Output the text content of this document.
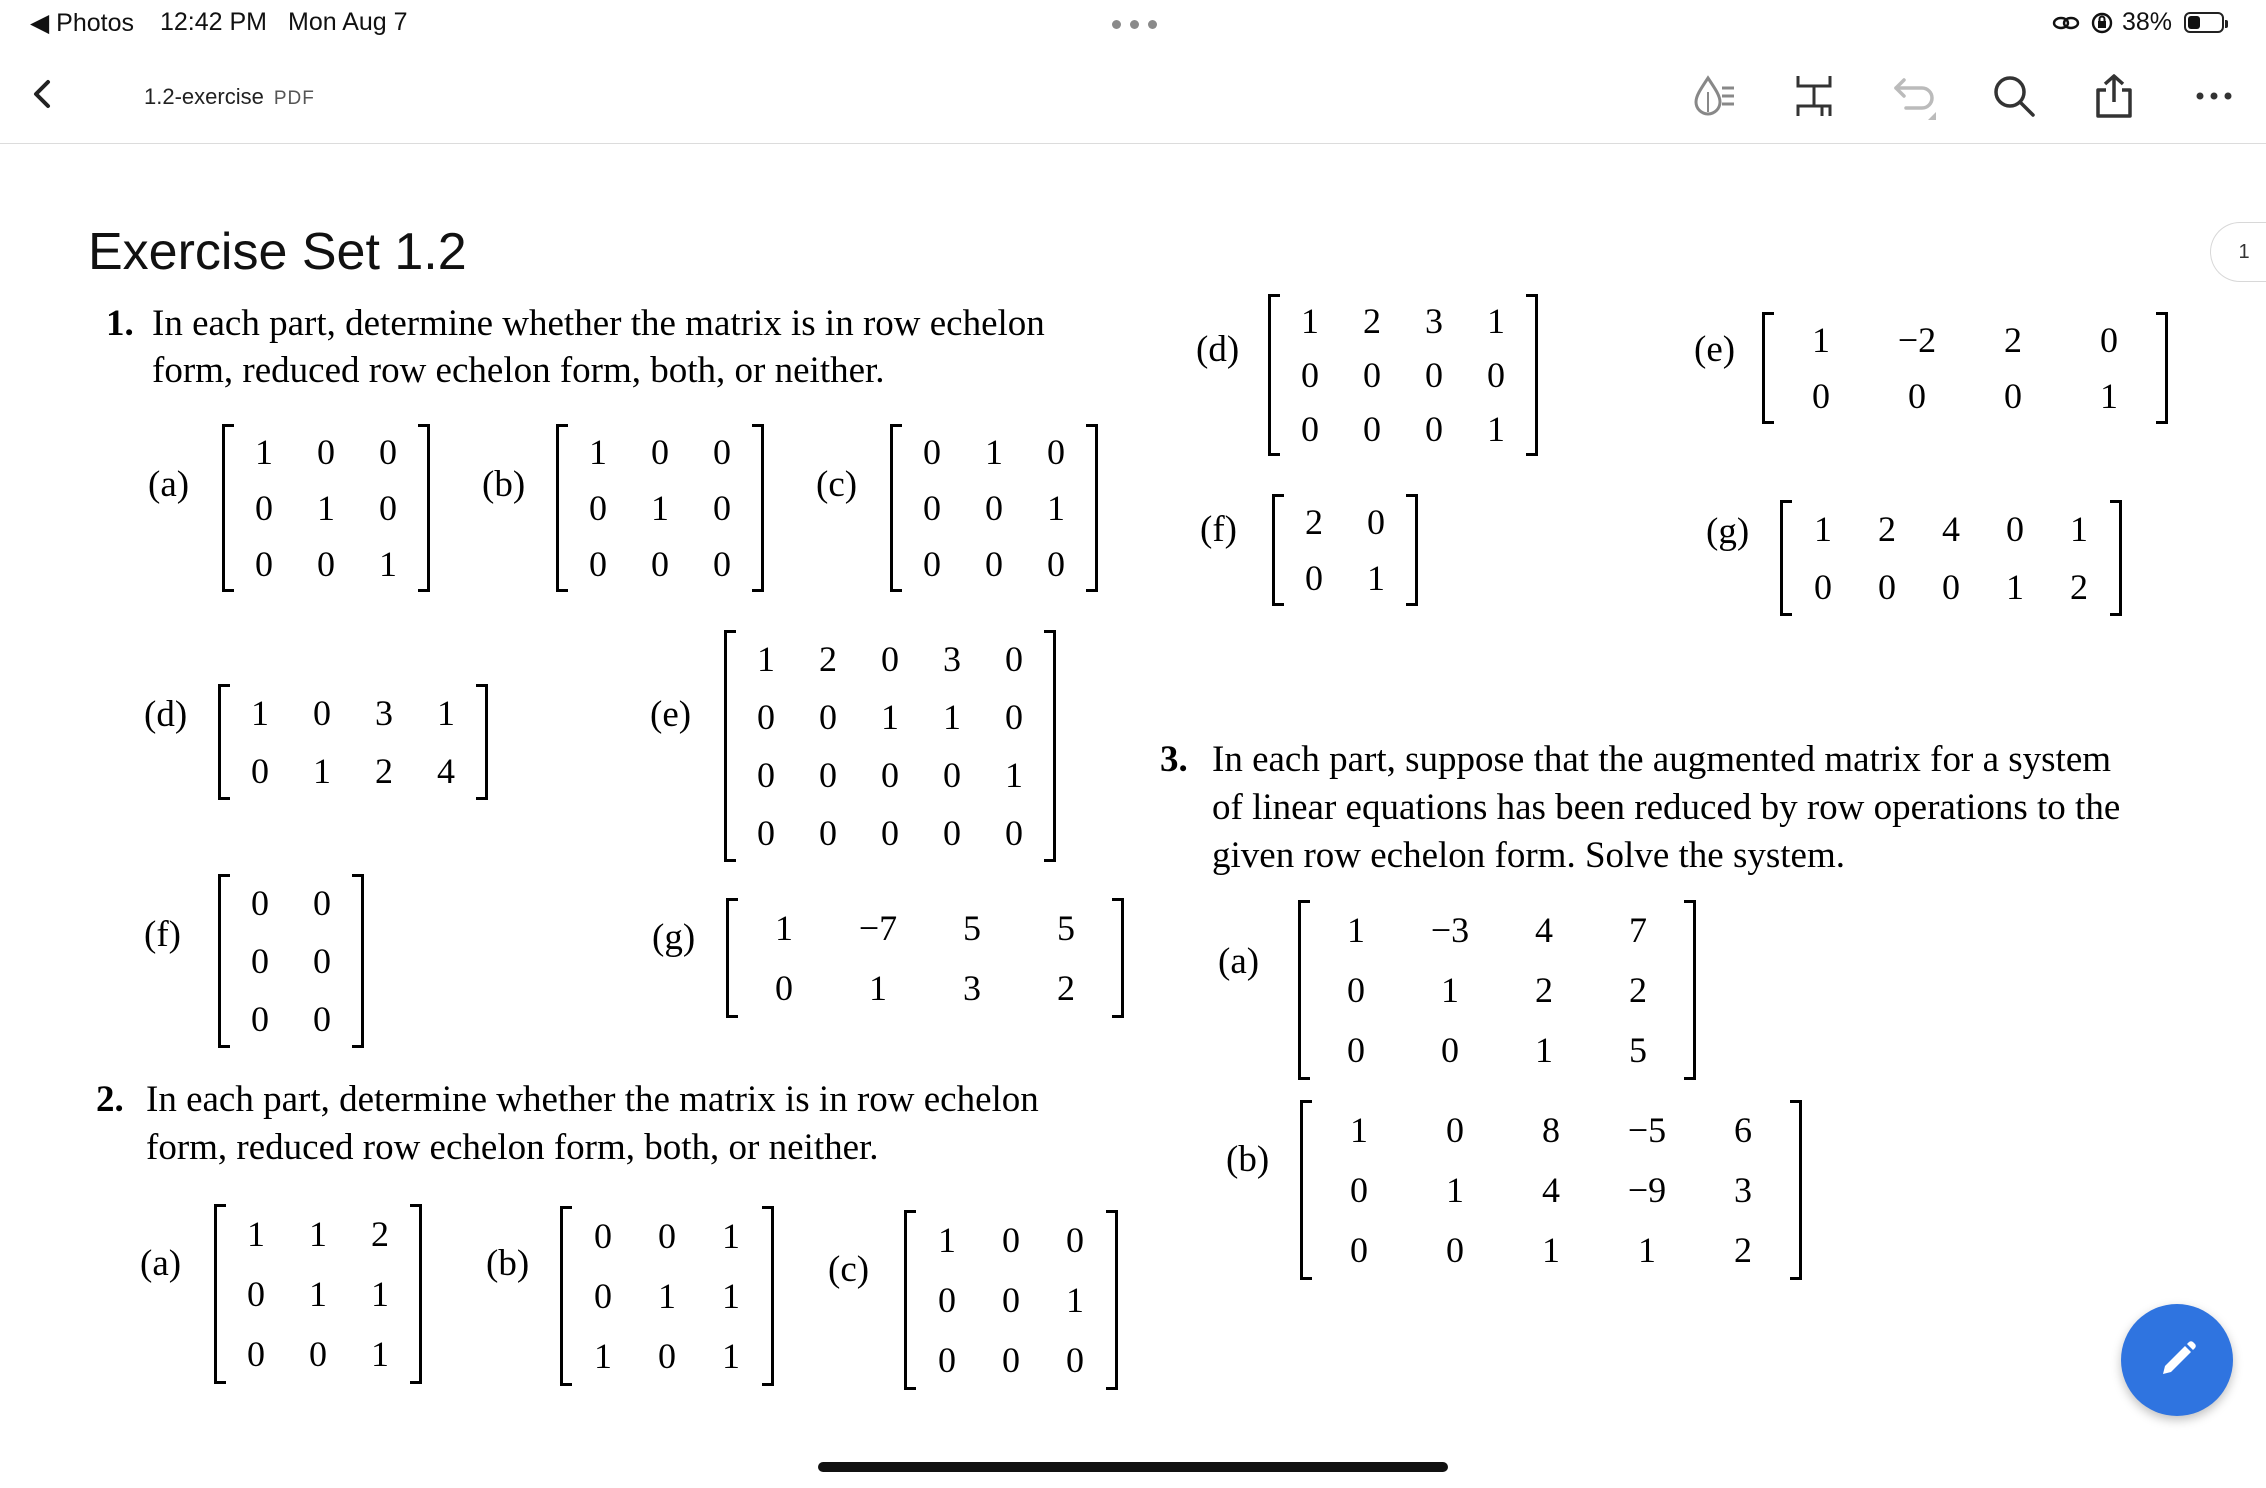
◀ Photos 12:42 PM Mon Aug 7	38%
1.2-exercise PDF
1
Exercise Set 1.2
1. In each part, determine whether the matrix is in row echelon
form, reduced row echelon form, both, or neither.
2. In each part, determine whether the matrix is in row echelon
form, reduced row echelon form, both, or neither.
3. In each part, suppose that the augmented matrix for a system
of linear equations has been reduced by row operations to the
given row echelon form. Solve the system.
(a)
1	0	0
0	1	0
0	0	1
(b)
1	0	0
0	1	0
0	0	0
(c)
0	1	0
0	0	1
0	0	0
(d)	1	0	3	1
0	1	2	4
(e)
1	2	0	3	0
0	0	1	1	0
0	0	0	0	1
0	0	0	0	0
(f)
0	0
0	0
0	0
(g)	1	−7	5	5
0	1	3	2
(a)
1	1	2
0	1	1
0	0	1
(b)
0	0	1
0	1	1
1	0	1
(c)
1	0	0
0	0	1
0	0	0
(d)
1	2	3	1
0	0	0	0
0	0	0	1
(e)	1	−2	2	0
0	0	0	1
(f)	2	0
0	1
(g)	1	2	4	0	1
0	0	0	1	2
(a)
1	−3	4	7
0	1	2	2
0	0	1	5
(b)
1	0	8	−5	6
0	1	4	−9	3
0	0	1	1	2
